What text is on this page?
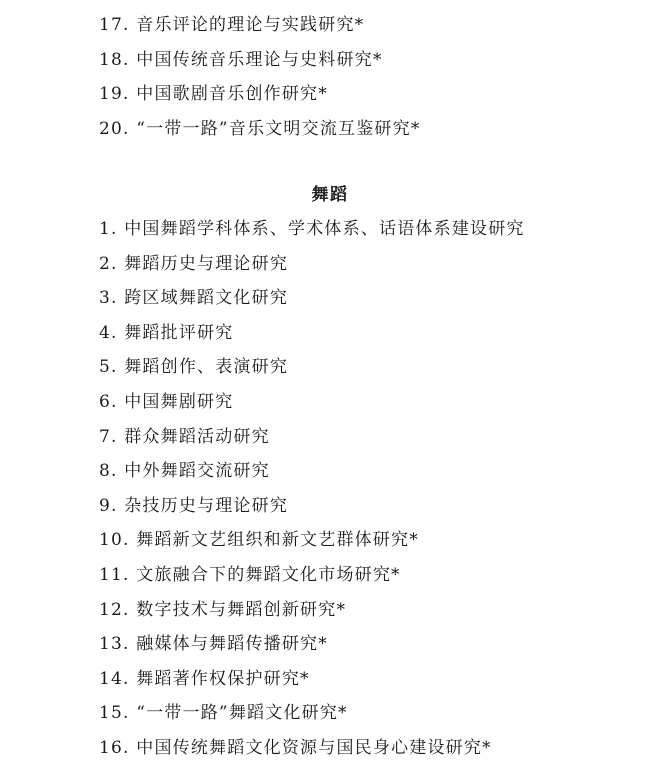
17. 音乐评论的理论与实践研究*
18. 中国传统音乐理论与史料研究*
19. 中国歌剧音乐创作研究*
20. “一带一路”音乐文明交流互鉴研究*
舞蹈
1. 中国舞蹈学科体系、学术体系、话语体系建设研究
2. 舞蹈历史与理论研究
3. 跨区域舞蹈文化研究
4. 舞蹈批评研究
5. 舞蹈创作、表演研究
6. 中国舞剧研究
7. 群众舞蹈活动研究
8. 中外舞蹈交流研究
9. 杂技历史与理论研究
10. 舞蹈新文艺组织和新文艺群体研究*
11. 文旅融合下的舞蹈文化市场研究*
12. 数字技术与舞蹈创新研究*
13. 融媒体与舞蹈传播研究*
14. 舞蹈著作权保护研究*
15. “一带一路”舞蹈文化研究*
16. 中国传统舞蹈文化资源与国民身心建设研究*
